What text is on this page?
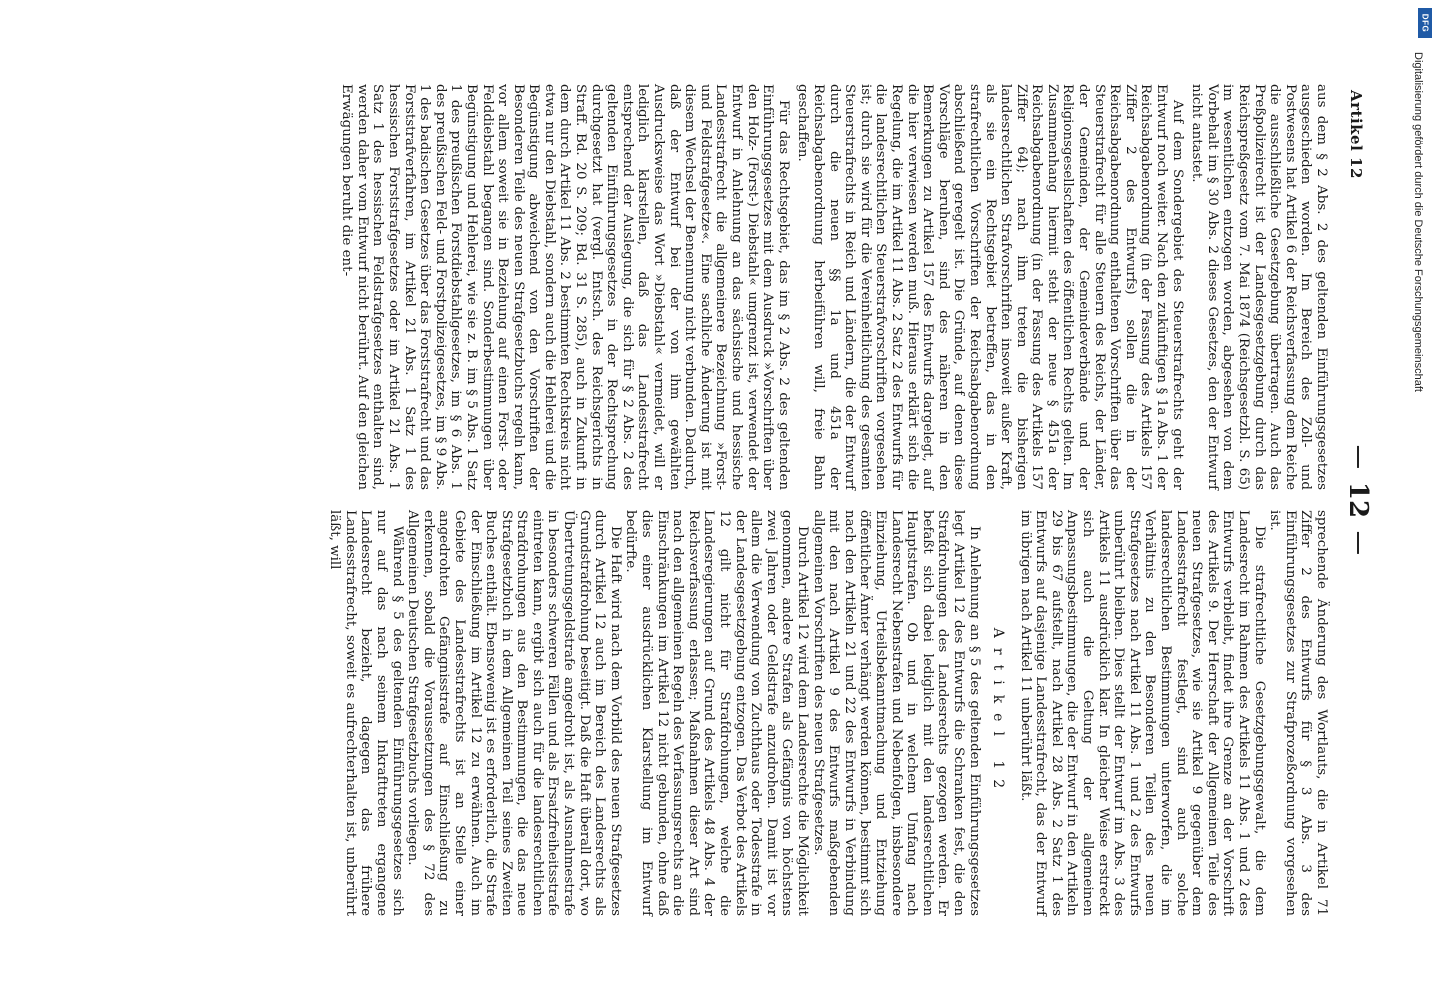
Artikel 12
12

aus dem § 2 Abs. 2 des geltenden Einführungsgesetzes ausgeschieden worden. Im Bereich des Zoll- und Postwesens hat Artikel 6 der Reichsverfassung dem Reiche die ausschließliche Gesetzgebung übertragen. Auch das Preßpolizeirecht ist der Landesgesetzgebung durch das Reichspreßgesetz vom 7. Mai 1874 (Reichsgesetzbl. S. 65) im wesentlichen entzogen worden, abgesehen von dem Vorbehalt im § 30 Abs. 2 dieses Gesetzes, den der Entwurf nicht antastet.

Auf dem Sondergebiet des Steuerstrafrechts geht der Entwurf noch weiter. Nach den zukünftigen § 1a Abs. 1 der Reichsabgabenordnung (in der Fassung des Artikels 157 Ziffer 2 des Entwurfs) sollen die in der Reichsabgabenordnung enthaltenen Vorschriften über das Steuerstrafrecht für alle Steuern des Reichs, der Länder, der Gemeinden, der Gemeindeverbände und der Religionsgesellschaften des öffentlichen Rechts gelten. Im Zusammenhang hiermit steht der neue § 451a der Reichsabgabenordnung (in der Fassung des Artikels 157 Ziffer 64); nach ihm treten die bisherigen landesrechtlichen Strafvorschriften insoweit außer Kraft, als sie ein Rechtsgebiet betreffen, das in den strafrechtlichen Vorschriften der Reichsabgabenordnung abschließend geregelt ist. Die Gründe, auf denen diese Vorschläge beruhen, sind des näheren in den Bemerkungen zu Artikel 157 des Entwurfs dargelegt, auf die hier verwiesen werden muß. Hieraus erklärt sich die Regelung, die im Artikel 11 Abs. 2 Satz 2 des Entwurfs für die landesrechtlichen Steuerstrafvorschriften vorgesehen ist; durch sie wird für die Vereinheitlichung des gesamten Steuerstrafrechts in Reich und Ländern, die der Entwurf durch die neuen §§ 1a und 451a der Reichsabgabenordnung herbeiführen will, freie Bahn geschaffen.

Für das Rechtsgebiet, das im § 2 Abs. 2 des geltenden Einführungsgesetzes mit dem Ausdruck »Vorschriften über den Holz- (Forst-) Diebstahl« umgrenzt ist, verwendet der Entwurf in Anlehnung an das sächsische und hessische Landesstrafrecht die allgemeinere Bezeichnung »Forst- und Feldstrafgesetze«. Eine sachliche Änderung ist mit diesem Wechsel der Benennung nicht verbunden. Dadurch, daß der Entwurf bei der von ihm gewählten Ausdrucksweise das Wort »Diebstahl« vermeidet, will er lediglich klarstellen, daß das Landesstrafrecht entsprechend der Auslegung, die sich für § 2 Abs. 2 des geltenden Einführungsgesetzes in der Rechtsprechung durchgesetzt hat (vergl. Entsch. des Reichsgerichts in Straff. Bd. 20 S. 209; Bd. 31 S. 285), auch in Zukunft in dem durch Artikel 11 Abs. 2 bestimmten Rechtskreis nicht etwa nur den Diebstahl, sondern auch die Hehlerei und die Begünstigung abweichend von den Vorschriften der Besonderen Teile des neuen Strafgesetzbuchs regeln kann, vor allem soweit sie in Beziehung auf einen Forst- oder Felddiebstahl begangen sind. Sonderbestimmungen über Begünstigung und Hehlerei, wie sie z. B. im § 5 Abs. 1 Satz 1 des preußischen Forstdiebstahlgesetzes, im § 6 Abs. 1 des preußischen Feld- und Forstpolizeigesetzes, im § 9 Abs. 1 des badischen Gesetzes über das Forststrafrecht und das Forststrafverfahren, im Artikel 21 Abs. 1 Satz 1 des hessischen Forststrafgesetzes oder im Artikel 21 Abs. 1 Satz 1 des hessischen Feldstrafgesetzes enthalten sind, werden daher vom Entwurf nicht berührt. Auf den gleichen Erwägungen beruht die ent-

sprechende Änderung des Wortlauts, die in Artikel 71 Ziffer 2 des Entwurfs für § 3 Abs. 3 des Einführungsgesetzes zur Strafprozeßordnung vorgesehen ist.

Die strafrechtliche Gesetzgebungsgewalt, die dem Landesrecht im Rahmen des Artikels 11 Abs. 1 und 2 des Entwurfs verbleibt, findet ihre Grenze an der Vorschrift des Artikels 9. Der Herrschaft der Allgemeinen Teile des neuen Strafgesetzes, wie sie Artikel 9 gegenüber dem Landesstrafrecht festlegt, sind auch solche landesrechtlichen Bestimmungen unterworfen, die im Verhältnis zu den Besonderen Teilen des neuen Strafgesetzes nach Artikel 11 Abs. 1 und 2 des Entwurfs unberührt bleiben. Dies stellt der Entwurf im Abs. 3 des Artikels 11 ausdrücklich klar. In gleicher Weise erstreckt sich auch die Geltung der allgemeinen Anpassungsbestimmungen, die der Entwurf in den Artikeln 29 bis 67 aufstellt, nach Artikel 28 Abs. 2 Satz 1 des Entwurfs auf dasjenige Landesstrafrecht, das der Entwurf im übrigen nach Artikel 11 unberührt läßt.

Artikel 12

In Anlehnung an § 5 des geltenden Einführungsgesetzes legt Artikel 12 des Entwurfs die Schranken fest, die den Strafdrohungen des Landesrechts gezogen werden. Er befaßt sich dabei lediglich mit den landesrechtlichen Hauptstrafen. Ob und in welchem Umfang nach Landesrecht Nebenstrafen und Nebenfolgen, insbesondere Einziehung, Urteilsbekanntmachung und Entziehung öffentlicher Ämter verhängt werden können, bestimmt sich nach den Artikeln 21 und 22 des Entwurfs in Verbindung mit den nach Artikel 9 des Entwurfs maßgebenden allgemeinen Vorschriften des neuen Strafgesetzes.

Durch Artikel 12 wird dem Landesrechte die Möglichkeit genommen, andere Strafen als Gefängnis von höchstens zwei Jahren oder Geldstrafe anzudrohen. Damit ist vor allem die Verwendung von Zuchthaus oder Todesstrafe in der Landesgesetzgebung entzogen. Das Verbot des Artikels 12 gilt nicht für Strafdrohungen, welche die Landesregierungen auf Grund des Artikels 48 Abs. 4 der Reichsverfassung erlassen; Maßnahmen dieser Art sind nach den allgemeinen Regeln des Verfassungsrechts an die Einschränkungen im Artikel 12 nicht gebunden, ohne daß dies einer ausdrücklichen Klarstellung im Entwurf bedürfte.

Die Haft wird nach dem Vorbild des neuen Strafgesetzes durch Artikel 12 auch im Bereich des Landesrechts als Grundstrafdrohung beseitigt. Daß die Haft überall dort, wo Übertretungsgeldstrafe angedroht ist, als Ausnahmestrafe in besonders schweren Fällen und als Ersatzfreiheitsstrafe eintreten kann, ergibt sich auch für die landesrechtlichen Strafdrohungen aus den Bestimmungen, die das neue Strafgesetzbuch in dem Allgemeinen Teil seines Zweiten Buches enthält. Ebensowenig ist es erforderlich, die Strafe der Einschließung im Artikel 12 zu erwähnen. Auch im Gebiete des Landesstrafrechts ist an Stelle einer angedrohten Gefängnisstrafe auf Einschließung zu erkennen, sobald die Voraussetzungen des § 72 des Allgemeinen Deutschen Strafgesetzbuchs vorliegen.

Während § 5 des geltenden Einführungsgesetzes sich nur auf das nach seinem Inkrafttreten ergangene Landesrecht bezieht, dagegen das frühere Landesstrafrecht, soweit es aufrechterhalten ist, unberührt läßt, will

DFG
Digitalisierung gefördert durch die Deutsche Forschungsgemeinschaft
